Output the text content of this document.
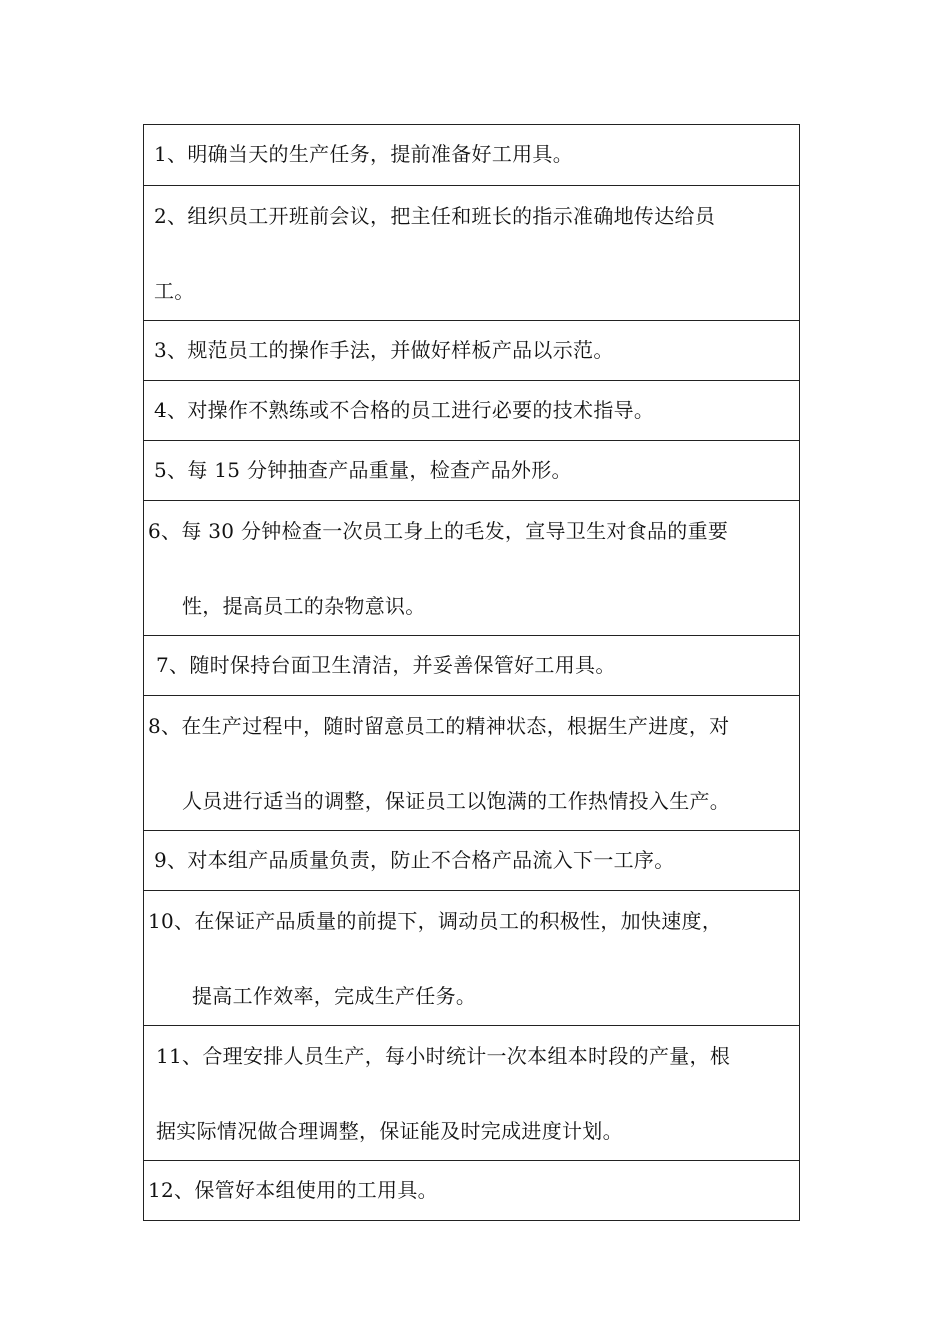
1、明确当天的生产任务，提前准备好工用具。
2、组织员工开班前会议，把主任和班长的指示准确地传达给员
工。
3、规范员工的操作手法，并做好样板产品以示范。
4、对操作不熟练或不合格的员工进行必要的技术指导。
5、每 15 分钟抽查产品重量，检查产品外形。
6、每 30 分钟检查一次员工身上的毛发，宣导卫生对食品的重要
性，提高员工的杂物意识。
7、随时保持台面卫生清洁，并妥善保管好工用具。
8、在生产过程中，随时留意员工的精神状态，根据生产进度，对
人员进行适当的调整，保证员工以饱满的工作热情投入生产。
9、对本组产品质量负责，防止不合格产品流入下一工序。
10、在保证产品质量的前提下，调动员工的积极性，加快速度，
提高工作效率，完成生产任务。
11、合理安排人员生产，每小时统计一次本组本时段的产量，根
据实际情况做合理调整，保证能及时完成进度计划。
12、保管好本组使用的工用具。
